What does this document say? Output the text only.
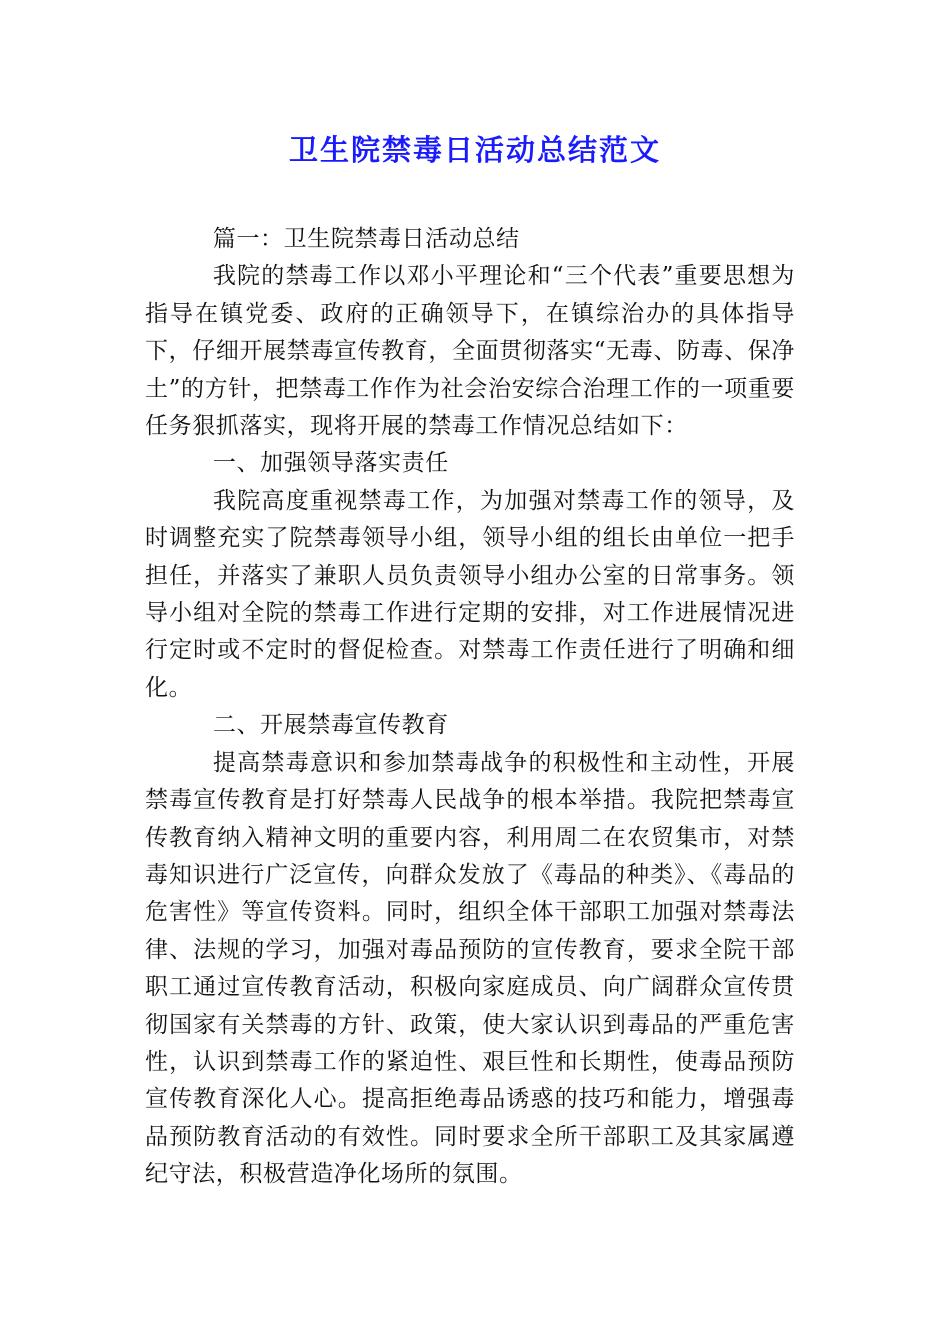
卫生院禁毒日活动总结范文

篇一：卫生院禁毒日活动总结

我院的禁毒工作以邓小平理论和“三个代表”重要思想为指导在镇党委、政府的正确领导下，在镇综治办的具体指导下，仔细开展禁毒宣传教育，全面贯彻落实“无毒、防毒、保净土”的方针，把禁毒工作作为社会治安综合治理工作的一项重要任务狠抓落实，现将开展的禁毒工作情况总结如下：

一、加强领导落实责任

我院高度重视禁毒工作，为加强对禁毒工作的领导，及时调整充实了院禁毒领导小组，领导小组的组长由单位一把手担任，并落实了兼职人员负责领导小组办公室的日常事务。领导小组对全院的禁毒工作进行定期的安排，对工作进展情况进行定时或不定时的督促检查。对禁毒工作责任进行了明确和细化。

二、开展禁毒宣传教育

提高禁毒意识和参加禁毒战争的积极性和主动性，开展禁毒宣传教育是打好禁毒人民战争的根本举措。我院把禁毒宣传教育纳入精神文明的重要内容，利用周二在农贸集市，对禁毒知识进行广泛宣传，向群众发放了《毒品的种类》、《毒品的危害性》等宣传资料。同时，组织全体干部职工加强对禁毒法律、法规的学习，加强对毒品预防的宣传教育，要求全院干部职工通过宣传教育活动，积极向家庭成员、向广阔群众宣传贯彻国家有关禁毒的方针、政策，使大家认识到毒品的严重危害性，认识到禁毒工作的紧迫性、艰巨性和长期性，使毒品预防宣传教育深化人心。提高拒绝毒品诱惑的技巧和能力，增强毒品预防教育活动的有效性。同时要求全所干部职工及其家属遵纪守法，积极营造净化场所的氛围。
